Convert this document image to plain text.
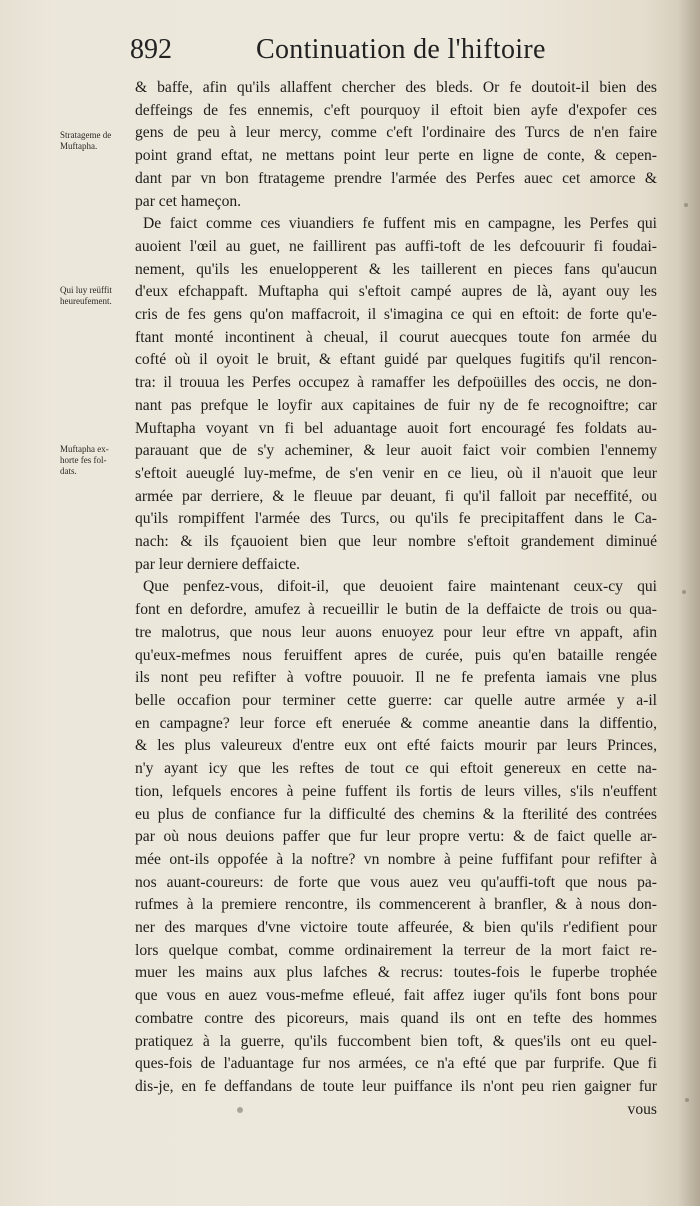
892	Continuation de l'hiftoire
Stratageme de
Muftapha.
Qui luy reüffit
heureufement.
Muftapha ex-
horte fes fol-
dats.
& baffe, afin qu'ils allaffent chercher des bleds. Or fe doutoit-il bien des
deffeings de fes ennemis, c'eft pourquoy il eftoit bien ayfe d'expofer ces
gens de peu à leur mercy, comme c'eft l'ordinaire des Turcs de n'en faire
point grand eftat, ne mettans point leur perte en ligne de conte, & cepen-
dant par vn bon ftratageme prendre l'armée des Perfes auec cet amorce &
par cet hameçon.
De faict comme ces viuandiers fe fuffent mis en campagne, les Perfes qui
auoient l'œil au guet, ne faillirent pas auffi-toft de les defcouurir fi foudai-
nement, qu'ils les enuelopperent & les taillerent en pieces fans qu'aucun
d'eux efchappaft. Muftapha qui s'eftoit campé aupres de là, ayant ouy les
cris de fes gens qu'on maffacroit, il s'imagina ce qui en eftoit: de forte qu'e-
ftant monté incontinent à cheual, il courut auecques toute fon armée du
cofté où il oyoit le bruit, & eftant guidé par quelques fugitifs qu'il rencon-
tra: il trouua les Perfes occupez à ramaffer les defpoüilles des occis, ne don-
nant pas prefque le loyfir aux capitaines de fuir ny de fe recognoiftre; car
Muftapha voyant vn fi bel aduantage auoit fort encouragé fes foldats au-
parauant que de s'y acheminer, & leur auoit faict voir combien l'ennemy
s'eftoit aueuglé luy-mefme, de s'en venir en ce lieu, où il n'auoit que leur
armée par derriere, & le fleuue par deuant, fi qu'il falloit par neceffité, ou
qu'ils rompiffent l'armée des Turcs, ou qu'ils fe precipitaffent dans le Ca-
nach: & ils fçauoient bien que leur nombre s'eftoit grandement diminué
par leur derniere deffaicte.
Que penfez-vous, difoit-il, que deuoient faire maintenant ceux-cy qui
font en defordre, amufez à recueillir le butin de la deffaicte de trois ou qua-
tre malotrus, que nous leur auons enuoyez pour leur eftre vn appaft, afin
qu'eux-mefmes nous feruiffent apres de curée, puis qu'en bataille rengée
ils nont peu refifter à voftre pouuoir. Il ne fe prefenta iamais vne plus
belle occafion pour terminer cette guerre: car quelle autre armée y a-il
en campagne? leur force eft eneruée & comme aneantie dans la diffentio,
& les plus valeureux d'entre eux ont efté faicts mourir par leurs Princes,
n'y ayant icy que les reftes de tout ce qui eftoit genereux en cette na-
tion, lefquels encores à peine fuffent ils fortis de leurs villes, s'ils n'euffent
eu plus de confiance fur la difficulté des chemins & la fterilité des contrées
par où nous deuions paffer que fur leur propre vertu: & de faict quelle ar-
mée ont-ils oppofée à la noftre? vn nombre à peine fuffifant pour refifter à
nos auant-coureurs: de forte que vous auez veu qu'auffi-toft que nous pa-
rufmes à la premiere rencontre, ils commencerent à branfler, & à nous don-
ner des marques d'vne victoire toute affeurée, & bien qu'ils r'edifient pour
lors quelque combat, comme ordinairement la terreur de la mort faict re-
muer les mains aux plus lafches & recrus: toutes-fois le fuperbe trophée
que vous en auez vous-mefme efleué, fait affez iuger qu'ils font bons pour
combatre contre des picoreurs, mais quand ils ont en tefte des hommes
pratiquez à la guerre, qu'ils fuccombent bien toft, & ques'ils ont eu quel-
ques-fois de l'aduantage fur nos armées, ce n'a efté que par furprife. Que fi
dis-je, en fe deffandans de toute leur puiffance ils n'ont peu rien gaigner fur
vous
